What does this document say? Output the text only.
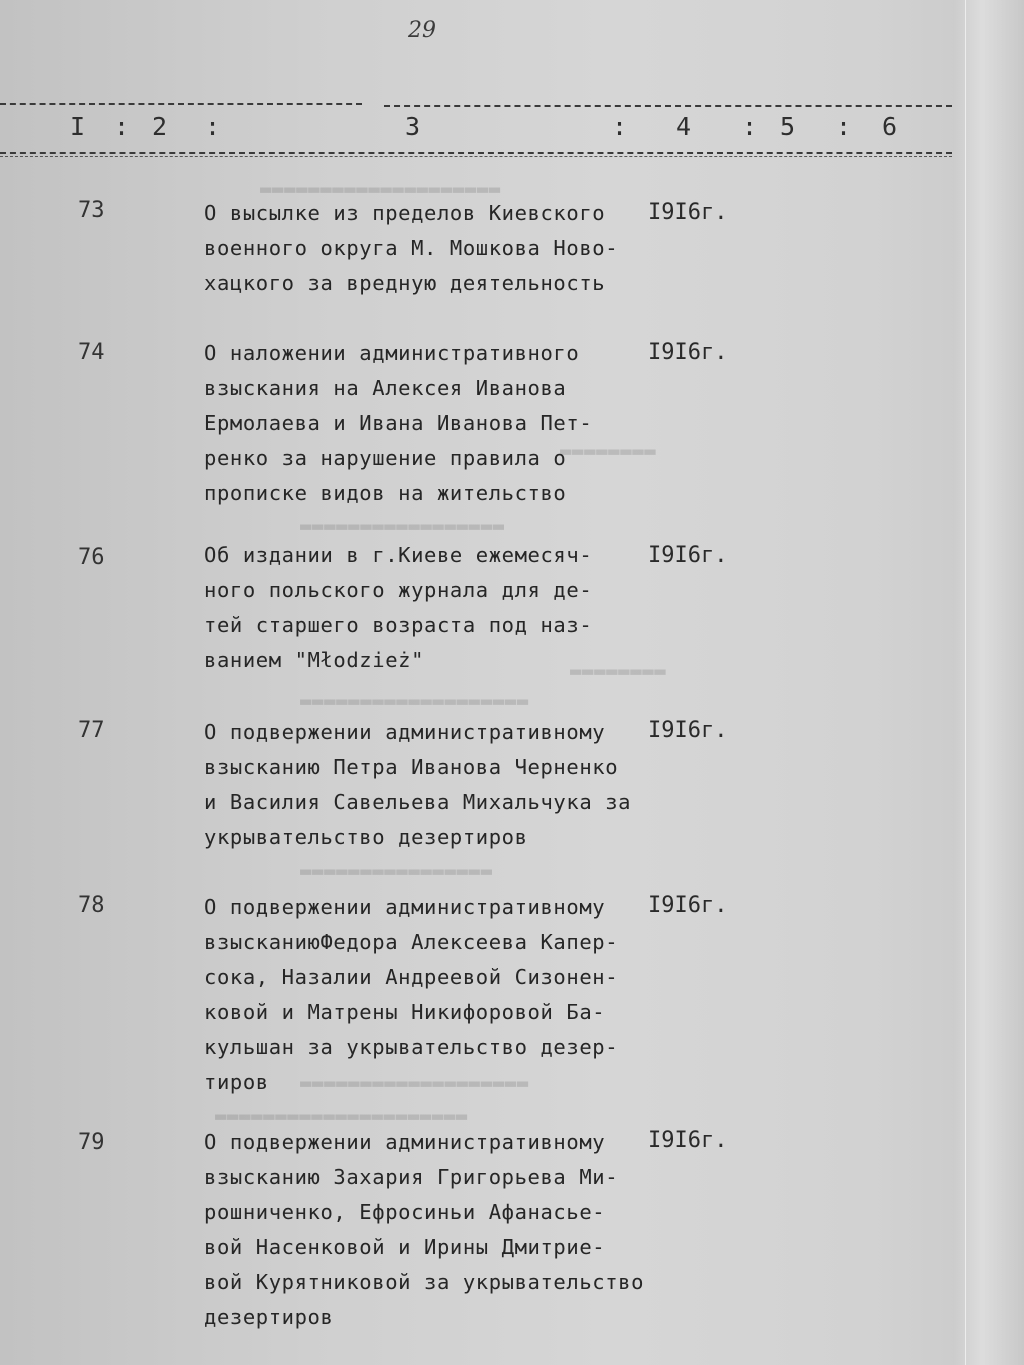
▬▬▬▬▬▬▬▬▬▬▬▬▬▬▬▬▬▬▬▬
▬▬▬▬▬▬▬▬
▬▬▬▬▬▬▬▬▬▬▬▬▬▬▬▬▬
▬▬▬▬▬▬▬▬
▬▬▬▬▬▬▬▬▬▬▬▬▬▬▬▬▬▬▬
▬▬▬▬▬▬▬▬▬▬▬▬▬▬▬▬
▬▬▬▬▬▬▬▬▬▬▬▬▬▬▬▬▬▬▬
▬▬▬▬▬▬▬▬▬▬▬▬▬▬▬▬▬▬▬▬▬
29
I : 2 :	3	: 4 : 5 : 6
73	О высылке из пределов Киевского
военного округа М. Мошкова Ново-
хацкого за вредную деятельность
I9I6г.
74	О наложении административного
взыскания на Алексея Иванова
Ермолаева и Ивана Иванова Пет-
ренко за нарушение правила о
прописке видов на жительство
I9I6г.
76	Об издании в г.Киеве ежемесяч-
ного польского журнала для де-
тей старшего возраста под наз-
ванием "Młodzież"
I9I6г.
77	О подвержении административному
взысканию Петра Иванова Черненко
и Василия Савельева Михальчука за
укрывательство дезертиров
I9I6г.
78	О подвержении административному
взысканиюФедора Алексеева Капер-
сока, Назалии Андреевой Сизонен-
ковой и Матрены Никифоровой Ба-
кульшан за укрывательство дезер-
тиров
I9I6г.
79	О подвержении административному
взысканию Захария Григорьева Ми-
рошниченко, Ефросиньи Афанасье-
вой Насенковой и Ирины Дмитрие-
вой Курятниковой за укрывательство
дезертиров
I9I6г.
